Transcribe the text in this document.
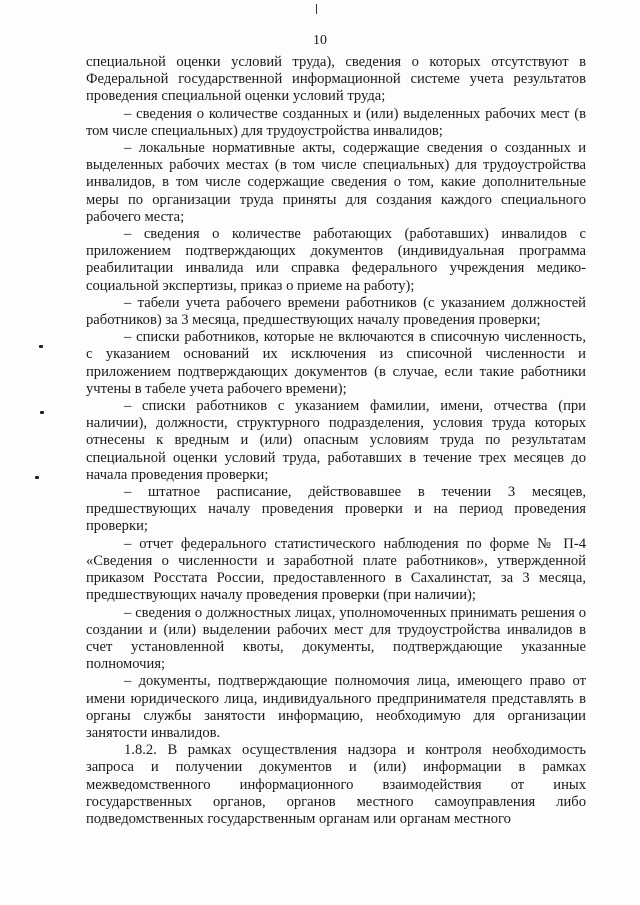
10

специальной оценки условий труда), сведения о которых отсутствуют в Федеральной государственной информационной системе учета результатов проведения специальной оценки условий труда;

– сведения о количестве созданных и (или) выделенных рабочих мест (в том числе специальных) для трудоустройства инвалидов;

– локальные нормативные акты, содержащие сведения о созданных и выделенных рабочих местах (в том числе специальных) для трудоустройства инвалидов, в том числе содержащие сведения о том, какие дополнительные меры по организации труда приняты для создания каждого специального рабочего места;

– сведения о количестве работающих (работавших) инвалидов с приложением подтверждающих документов (индивидуальная программа реабилитации инвалида или справка федерального учреждения медико-социальной экспертизы, приказ о приеме на работу);

– табели учета рабочего времени работников (с указанием должностей работников) за 3 месяца, предшествующих началу проведения проверки;

– списки работников, которые не включаются в списочную численность, с указанием оснований их исключения из списочной численности и приложением подтверждающих документов (в случае, если такие работники учтены в табеле учета рабочего времени);

– списки работников с указанием фамилии, имени, отчества (при наличии), должности, структурного подразделения, условия труда которых отнесены к вредным и (или) опасным условиям труда по результатам специальной оценки условий труда, работавших в течение трех месяцев до начала проведения проверки;

– штатное расписание, действовавшее в течении 3 месяцев, предшествующих началу проведения проверки и на период проведения проверки;

– отчет федерального статистического наблюдения по форме № П-4 «Сведения о численности и заработной плате работников», утвержденной приказом Росстата России, предоставленного в Сахалинстат, за 3 месяца, предшествующих началу проведения проверки (при наличии);

– сведения о должностных лицах, уполномоченных принимать решения о создании и (или) выделении рабочих мест для трудоустройства инвалидов в счет установленной квоты, документы, подтверждающие указанные полномочия;

– документы, подтверждающие полномочия лица, имеющего право от имени юридического лица, индивидуального предпринимателя представлять в органы службы занятости информацию, необходимую для организации занятости инвалидов.

1.8.2. В рамках осуществления надзора и контроля необходимость запроса и получении документов и (или) информации в рамках межведомственного информационного взаимодействия от иных государственных органов, органов местного самоуправления либо подведомственных государственным органам или органам местного
